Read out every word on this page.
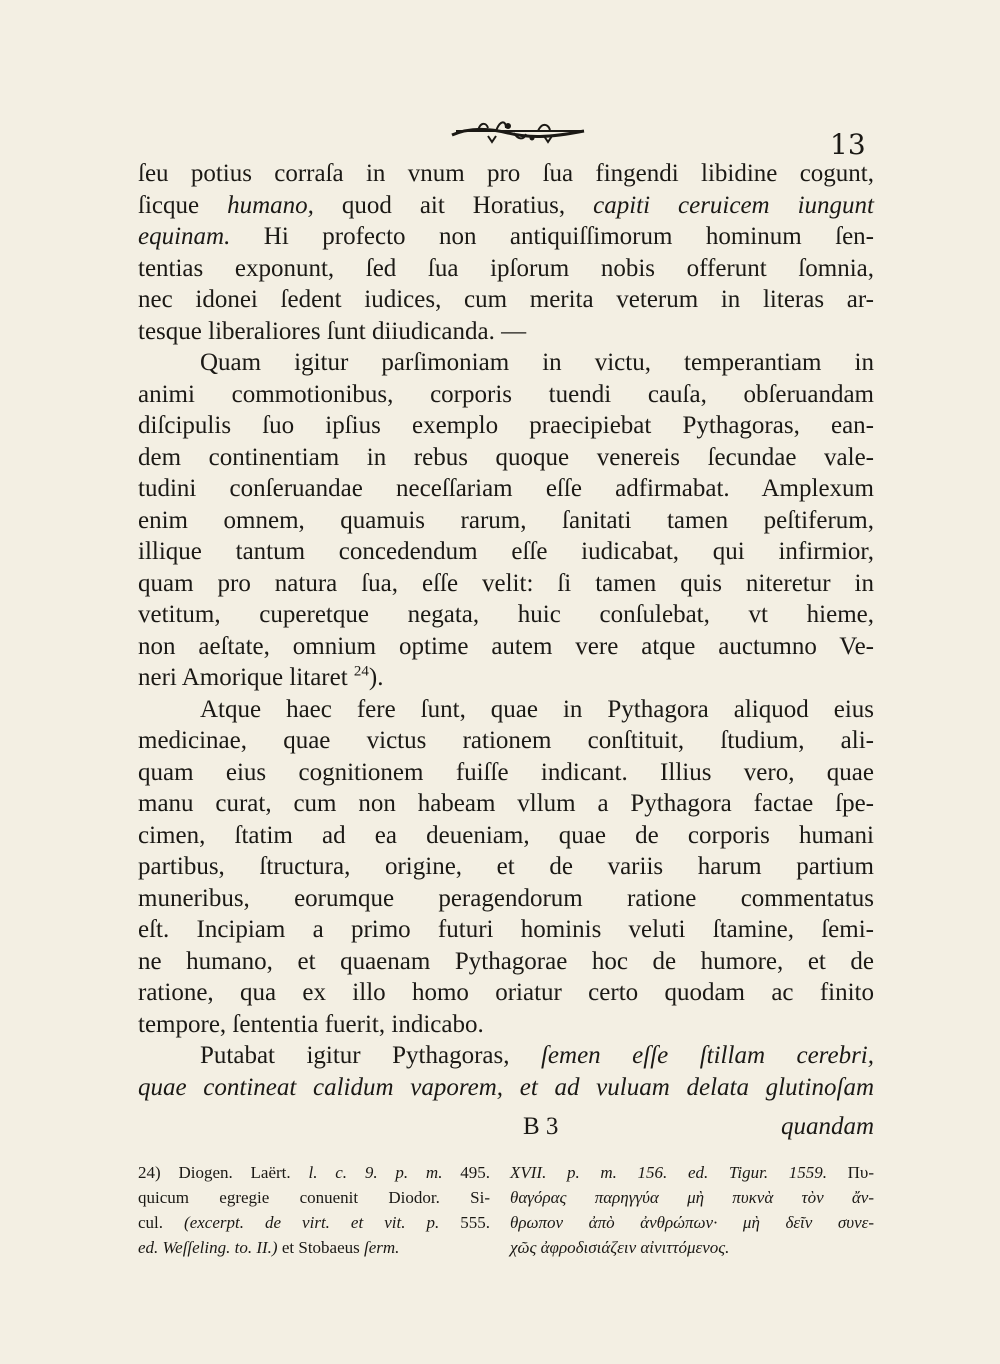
13
ſeu potius corraſa in vnum pro ſua fingendi libidine cogunt,
ſicque humano, quod ait Horatius, capiti ceruicem iungunt
equinam. Hi profecto non antiquiſſimorum hominum ſen-
tentias exponunt, ſed ſua ipſorum nobis offerunt ſomnia,
nec idonei ſedent iudices, cum merita veterum in literas ar-
tesque liberaliores ſunt diiudicanda. —
Quam igitur parſimoniam in victu, temperantiam in
animi commotionibus, corporis tuendi cauſa, obſeruandam
diſcipulis ſuo ipſius exemplo praecipiebat Pythagoras, ean-
dem continentiam in rebus quoque venereis ſecundae vale-
tudini conſeruandae neceſſariam eſſe adfirmabat. Amplexum
enim omnem, quamuis rarum, ſanitati tamen peſtiferum,
illique tantum concedendum eſſe iudicabat, qui infirmior,
quam pro natura ſua, eſſe velit: ſi tamen quis niteretur in
vetitum, cuperetque negata, huic conſulebat, vt hieme,
non aeſtate, omnium optime autem vere atque auctumno Ve-
neri Amorique litaret $^{24}$).
Atque haec fere ſunt, quae in Pythagora aliquod eius
medicinae, quae victus rationem conſtituit, ſtudium, ali-
quam eius cognitionem fuiſſe indicant. Illius vero, quae
manu curat, cum non habeam vllum a Pythagora factae ſpe-
cimen, ſtatim ad ea deueniam, quae de corporis humani
partibus, ſtructura, origine, et de variis harum partium
muneribus, eorumque peragendorum ratione commentatus
eſt. Incipiam a primo futuri hominis veluti ſtamine, ſemi-
ne humano, et quaenam Pythagorae hoc de humore, et de
ratione, qua ex illo homo oriatur certo quodam ac finito
tempore, ſententia fuerit, indicabo.
Putabat igitur Pythagoras, ſemen eſſe ſtillam cerebri,
quae contineat calidum vaporem, et ad vuluam delata glutinoſam
B 3	quandam
24) Diogen. Laërt. l. c. 9. p. m. 495.
quicum egregie conuenit Diodor. Si-
cul. (excerpt. de virt. et vit. p. 555.
ed. Weſſeling. to. II.) et Stobaeus ſerm.
XVII. p. m. 156. ed. Tigur. 1559. Πυ-
θαγόρας παρηγγύα μὴ πυκνὰ τὸν ἄν-
θρωπον ἀπὸ ἀνθρώπων· μὴ δεῖν συνε-
χῶς ἀφροδισιάζειν αἰνιττόμενος.
